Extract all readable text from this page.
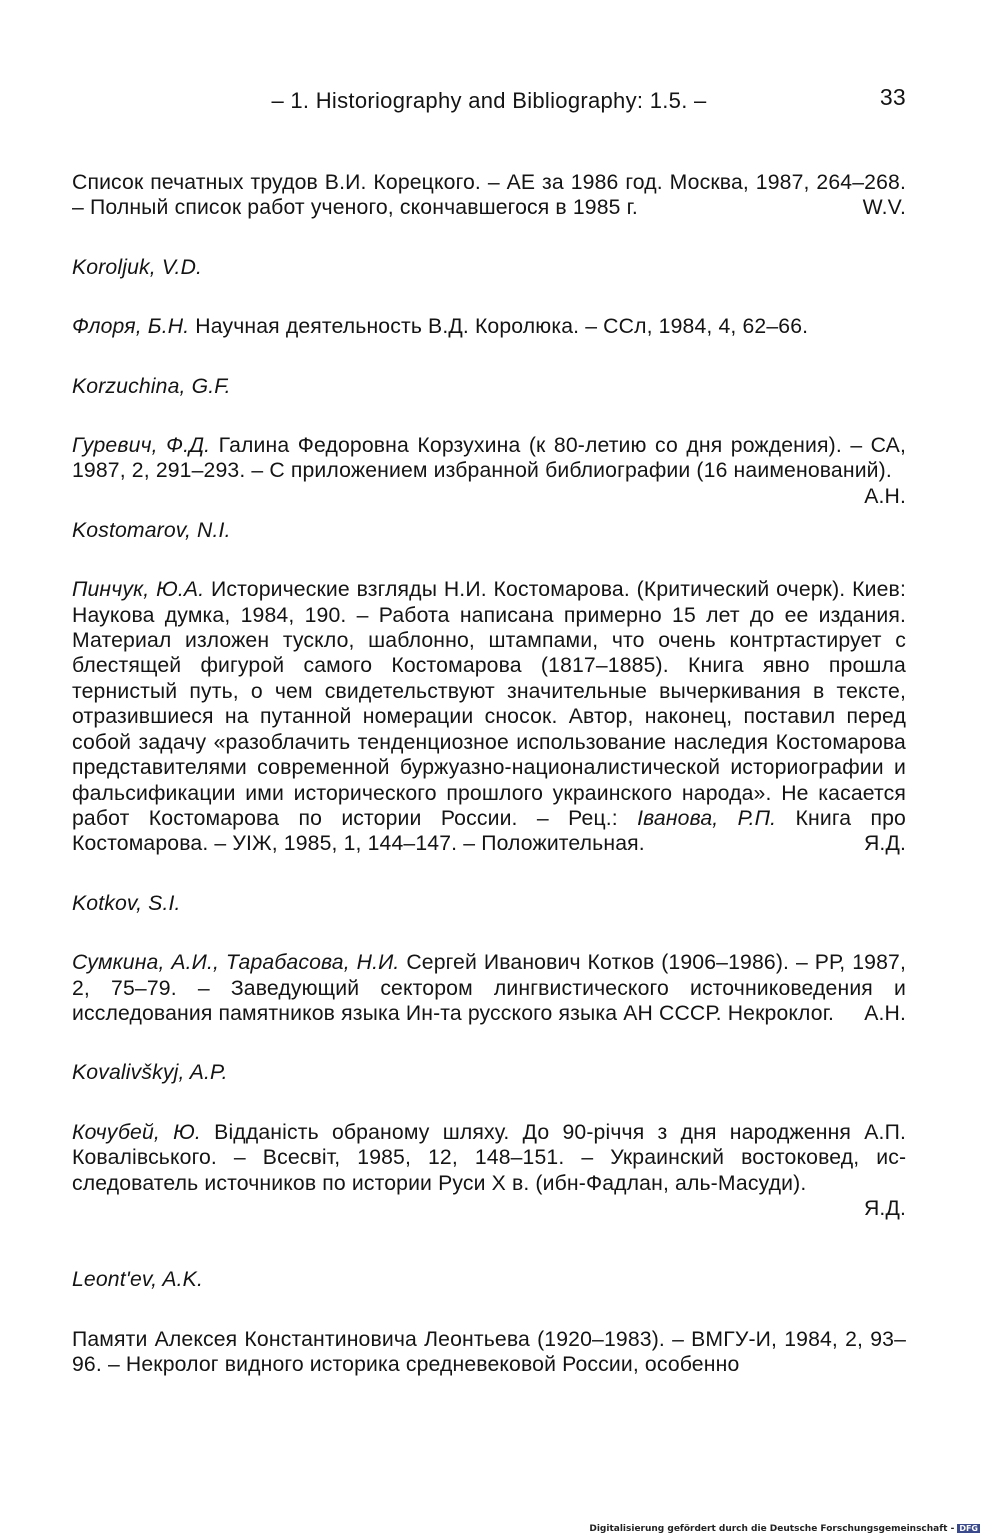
– 1. Historiography and Bibliography: 1.5. –	33
Список печатных трудов В.И. Корецкого. – АЕ за 1986 год. Москва, 1987, 264–268. – Полный список работ ученого, скончавшегося в 1985 г.	W.V.
Koroljuk, V.D.
Флоря, Б.Н. Научная деятельность В.Д. Королюка. – ССл, 1984, 4, 62–66.
Korzuchina, G.F.
Гуревич, Ф.Д. Галина Федоровна Корзухина (к 80-летию со дня рождения). – СА, 1987, 2, 291–293. – С приложением избранной библиографии (16 наименований).
А.Н.
Kostomarov, N.I.
Пинчук, Ю.А. Исторические взгляды Н.И. Костомарова. (Критический очерк). Киев: Наукова думка, 1984, 190. – Работа написана примерно 15 лет до ее издания. Материал изложен тускло, шаблонно, штампами, что очень контртастирует с блестящей фигурой самого Костомарова (1817–1885). Книга явно прошла тернистый путь, о чем свидетельствуют значительные вычеркивания в тексте, отразившиеся на путанной номерации сносок. Автор, наконец, поставил перед собой задачу «разоблачить тенденциозное использование наследия Костомарова представителями современной буржуазно-националистической историографии и фальсификации ими исторического прошлого украинского народа». Не касается работ Костомарова по истории России. – Рец.: Іванова, Р.П. Книга про Костомарова. – УІЖ, 1985, 1, 144–147. – Положительная.	Я.Д.
Kotkov, S.I.
Сумкина, А.И., Тарабасова, Н.И. Сергей Иванович Котков (1906–1986). – РР, 1987, 2, 75–79. – Заведующий сектором лингвистического источниковедения и исследования памятников языка Ин-та русского языка АН СССР. Некроклог. А.Н.
Kovalivškyj, A.P.
Кочубей, Ю. Відданість обраному шляху. До 90-річчя з дня народження А.П. Ковалівського. – Всесвіт, 1985, 12, 148–151. – Украинский востоковед, исследователь источников по истории Руси Х в. (ибн-Фадлан, аль-Масуди).
Я.Д.
Leont'ev, A.K.
Памяти Алексея Константиновича Леонтьева (1920–1983). – ВМГУ-И, 1984, 2, 93–96. – Некролог видного историка средневековой России, особенно
Digitalisierung gefördert durch die Deutsche Forschungsgemeinschaft - DFG
